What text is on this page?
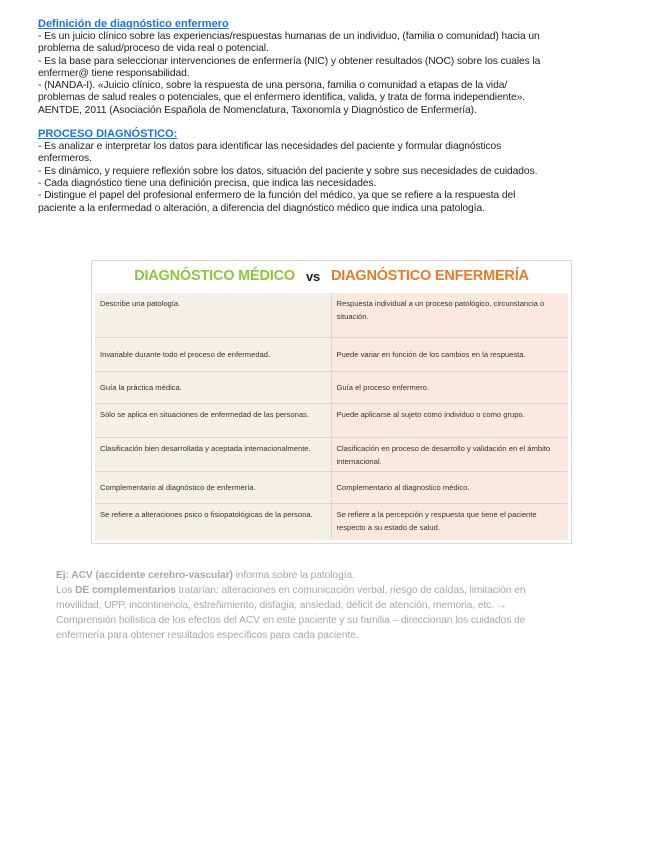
Definición de diagnóstico enfermero

- Es un juicio clínico sobre las experiencias/respuestas humanas de un individuo, (familia o comunidad) hacia un

problema de salud/proceso de vida real o potencial.

- Es la base para seleccionar intervenciones de enfermería (NIC) y obtener resultados (NOC) sobre los cuales la

enfermer@ tiene responsabilidad.

- (NANDA-I). «Juicio clínico, sobre la respuesta de una persona, familia o comunidad a etapas de la vida/

problemas de salud reales o potenciales, que el enfermero identifica, valida, y trata de forma independiente».

AENTDE, 2011 (Asociación Española de Nomenclatura, Taxonomía y Diagnóstico de Enfermería).

PROCESO DIAGNÓSTICO:

- Es analizar e interpretar los datos para identificar las necesidades del paciente y formular diagnósticos

enfermeros.

- Es dinámico, y requiere reflexión sobre los datos, situación del paciente y sobre sus necesidades de cuidados.

- Cada diagnóstico tiene una definición precisa, que indica las necesidades.

- Distingue el papel del profesional enfermero de la función del médico, ya que se refiere a la respuesta del

paciente a la enfermedad o alteración, a diferencia del diagnóstico médico que indica una patología.

DIAGNÓSTICO MÉDICO vs DIAGNÓSTICO ENFERMERÍA
Describe una patología.	Respuesta individual a un proceso patológico, circunstancia o situación.
Invariable durante todo el proceso de enfermedad.	Puede variar en función de los cambios en la respuesta.
Guía la práctica médica.	Guía el proceso enfermero.
Sólo se aplica en situaciones de enfermedad de las personas.	Puede aplicarse al sujeto como individuo o como grupo.
Clasificación bien desarrollada y aceptada internacionalmente.	Clasificación en proceso de desarrollo y validación en el ámbito internacional.
Complementario al diagnóstico de enfermería.	Complementario al diagnostico médico.
Se refiere a alteraciones psico o fisiopatológicas de la persona.	Se refiere a la percepción y respuesta que tiene el paciente respecto a su estado de salud.

Ej: ACV (accidente cerebro-vascular) informa sobre la patología.

Los DE complementarios tratarían: alteraciones en comunicación verbal, riesgo de caídas, limitación en

movilidad, UPP, incontinencia, estreñimiento, disfagia, ansiedad, déficit de atención, memoria, etc. →

Comprensión holística de los efectos del ACV en este paciente y su familia – direccionan los cuidados de

enfermería para obtener resultados específicos para cada paciente.
